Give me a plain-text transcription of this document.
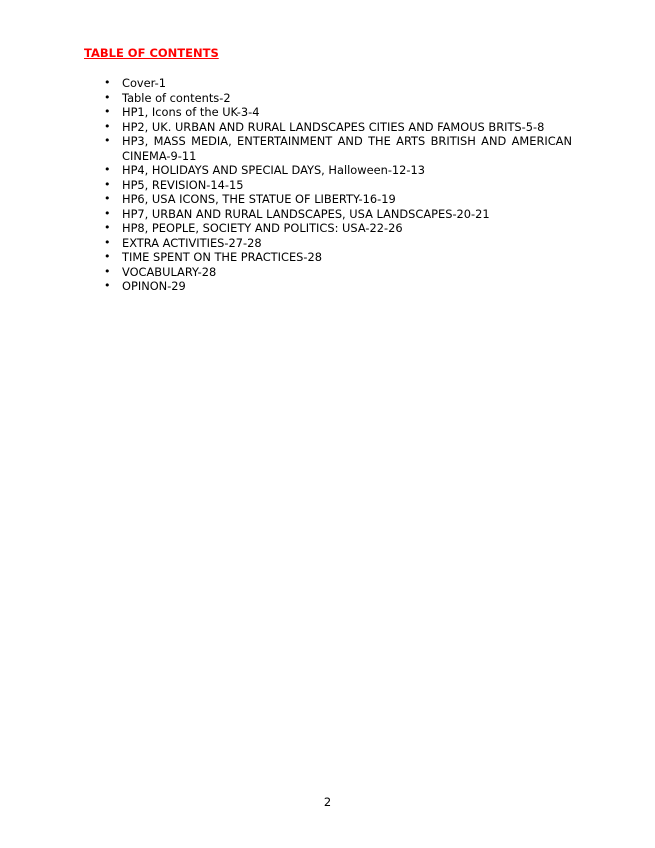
TABLE OF CONTENTS
• Cover-1
• Table of contents-2
• HP1, Icons of the UK-3-4
• HP2, UK. URBAN AND RURAL LANDSCAPES CITIES AND FAMOUS BRITS-5-8
• HP3, MASS MEDIA, ENTERTAINMENT AND THE ARTS BRITISH AND AMERICAN CINEMA-9-11
• HP4, HOLIDAYS AND SPECIAL DAYS, Halloween-12-13
• HP5, REVISION-14-15
• HP6, USA ICONS, THE STATUE OF LIBERTY-16-19
• HP7, URBAN AND RURAL LANDSCAPES, USA LANDSCAPES-20-21
• HP8, PEOPLE, SOCIETY AND POLITICS: USA-22-26
• EXTRA ACTIVITIES-27-28
• TIME SPENT ON THE PRACTICES-28
• VOCABULARY-28
• OPINON-29
2
